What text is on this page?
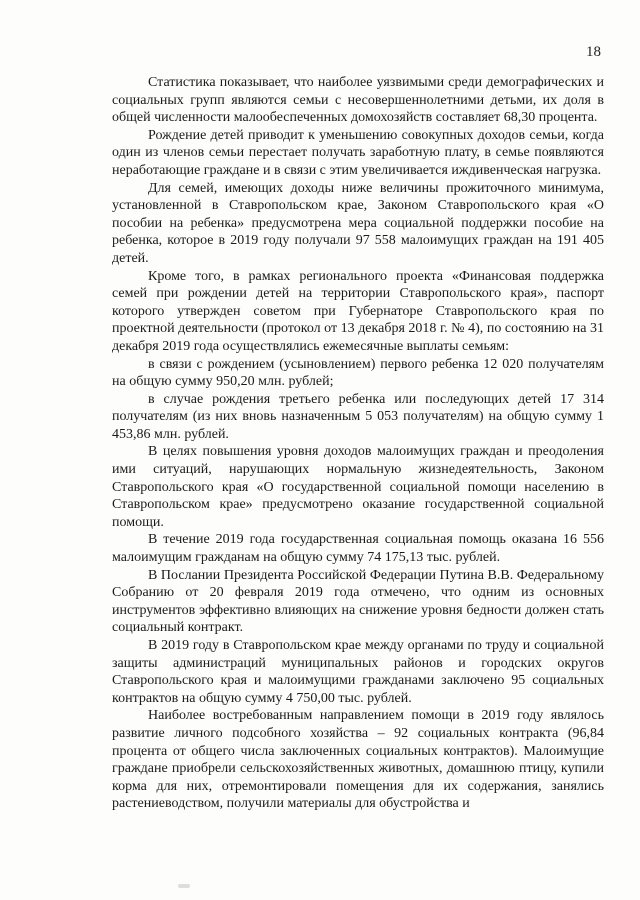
18

Статистика показывает, что наиболее уязвимыми среди демографических и социальных групп являются семьи с несовершеннолетними детьми, их доля в общей численности малообеспеченных домохозяйств составляет 68,30 процента.

Рождение детей приводит к уменьшению совокупных доходов семьи, когда один из членов семьи перестает получать заработную плату, в семье появляются неработающие граждане и в связи с этим увеличивается иждивенческая нагрузка.

Для семей, имеющих доходы ниже величины прожиточного минимума, установленной в Ставропольском крае, Законом Ставропольского края «О пособии на ребенка» предусмотрена мера социальной поддержки пособие на ребенка, которое в 2019 году получали 97 558 малоимущих граждан на 191 405 детей.

Кроме того, в рамках регионального проекта «Финансовая поддержка семей при рождении детей на территории Ставропольского края», паспорт которого утвержден советом при Губернаторе Ставропольского края по проектной деятельности (протокол от 13 декабря 2018 г. № 4), по состоянию на 31 декабря 2019 года осуществлялись ежемесячные выплаты семьям:

в связи с рождением (усыновлением) первого ребенка 12 020 получателям на общую сумму 950,20 млн. рублей;

в случае рождения третьего ребенка или последующих детей 17 314 получателям (из них вновь назначенным 5 053 получателям) на общую сумму 1 453,86 млн. рублей.

В целях повышения уровня доходов малоимущих граждан и преодоления ими ситуаций, нарушающих нормальную жизнедеятельность, Законом Ставропольского края «О государственной социальной помощи населению в Ставропольском крае» предусмотрено оказание государственной социальной помощи.

В течение 2019 года государственная социальная помощь оказана 16 556 малоимущим гражданам на общую сумму 74 175,13 тыс. рублей.

В Послании Президента Российской Федерации Путина В.В. Федеральному Собранию от 20 февраля 2019 года отмечено, что одним из основных инструментов эффективно влияющих на снижение уровня бедности должен стать социальный контракт.

В 2019 году в Ставропольском крае между органами по труду и социальной защиты администраций муниципальных районов и городских округов Ставропольского края и малоимущими гражданами заключено 95 социальных контрактов на общую сумму 4 750,00 тыс. рублей.

Наиболее востребованным направлением помощи в 2019 году являлось развитие личного подсобного хозяйства – 92 социальных контракта (96,84 процента от общего числа заключенных социальных контрактов). Малоимущие граждане приобрели сельскохозяйственных животных, домашнюю птицу, купили корма для них, отремонтировали помещения для их содержания, занялись растениеводством, получили материалы для обустройства и
